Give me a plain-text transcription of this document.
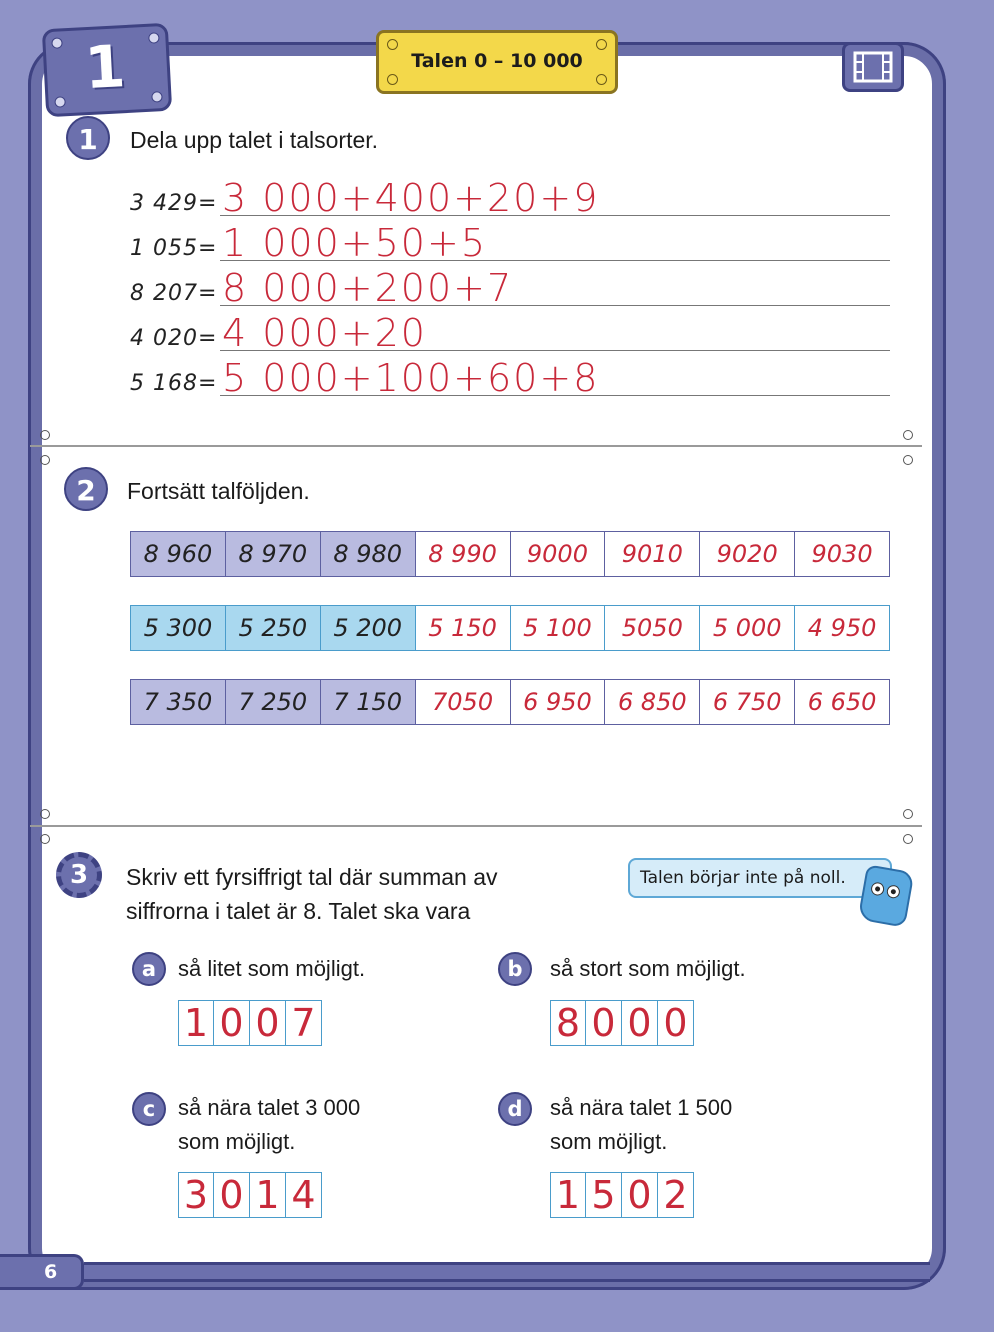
1	Talen 0 – 10 000
1	Dela upp talet i talsorter.
3 429= 3 000+400+20+9
1 055= 1 000+50+5
8 207= 8 000+200+7
4 020= 4 000+20
5 168= 5 000+100+60+8
2	Fortsätt talföljden.
8 960	8 970	8 980	8 990	9000	9010	9020	9030
5 300	5 250	5 200	5 150	5 100	5050	5 000	4 950
7 350	7 250	7 150	7050	6 950	6 850	6 750	6 650
3	Skriv ett fyrsiffrigt tal där summan av
siffrorna i talet är 8. Talet ska vara
Talen börjar inte på noll.
a så litet som möjligt.
1 0 0 7
b	så stort som möjligt.
8 0 0 0
c	så nära talet 3 000
som möjligt.
3 0 1 4
d	så nära talet 1 500
som möjligt.
1 5 0 2
6
